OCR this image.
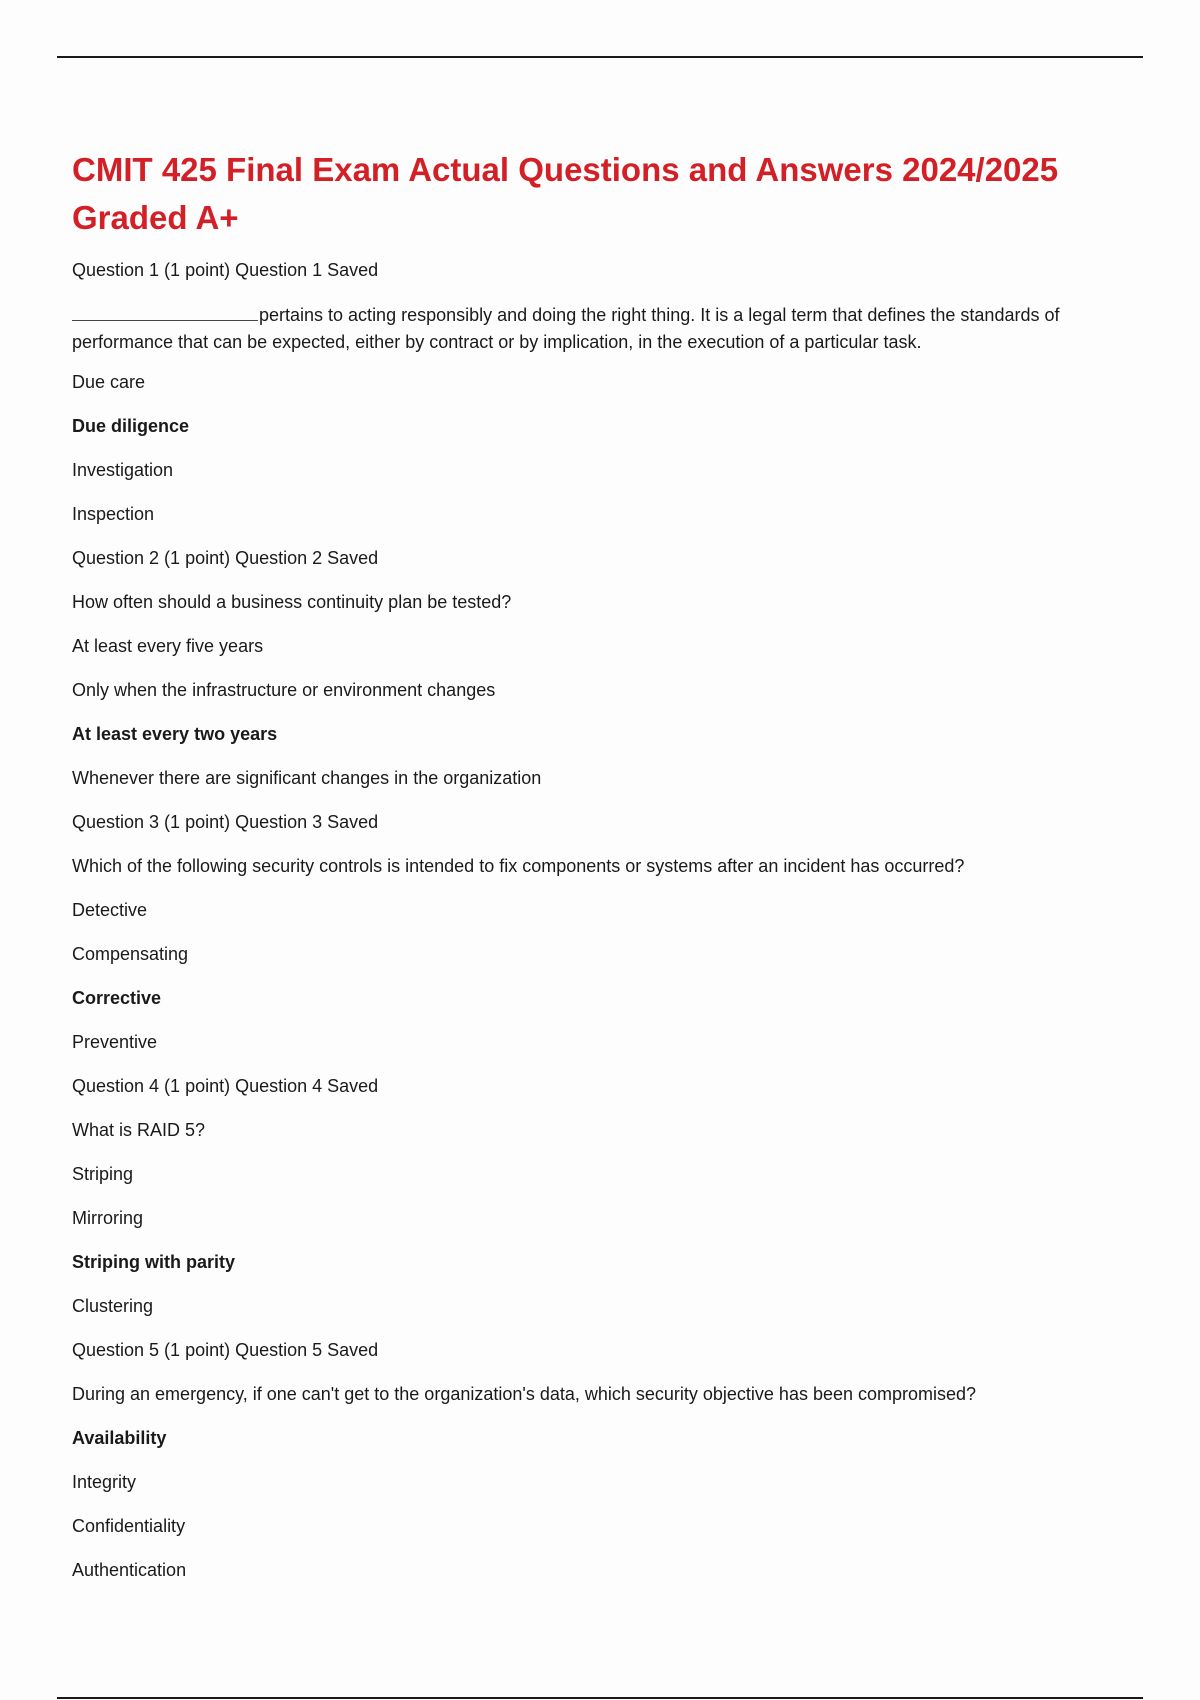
CMIT 425 Final Exam Actual Questions and Answers 2024/2025 Graded A+

Question 1 (1 point) Question 1 Saved

pertains to acting responsibly and doing the right thing. It is a legal term that defines the standards of performance that can be expected, either by contract or by implication, in the execution of a particular task.

Due care

Due diligence

Investigation

Inspection

Question 2 (1 point) Question 2 Saved

How often should a business continuity plan be tested?

At least every five years

Only when the infrastructure or environment changes

At least every two years

Whenever there are significant changes in the organization

Question 3 (1 point) Question 3 Saved

Which of the following security controls is intended to fix components or systems after an incident has occurred?

Detective

Compensating

Corrective

Preventive

Question 4 (1 point) Question 4 Saved

What is RAID 5?

Striping

Mirroring

Striping with parity

Clustering

Question 5 (1 point) Question 5 Saved

During an emergency, if one can't get to the organization's data, which security objective has been compromised?

Availability

Integrity

Confidentiality

Authentication
